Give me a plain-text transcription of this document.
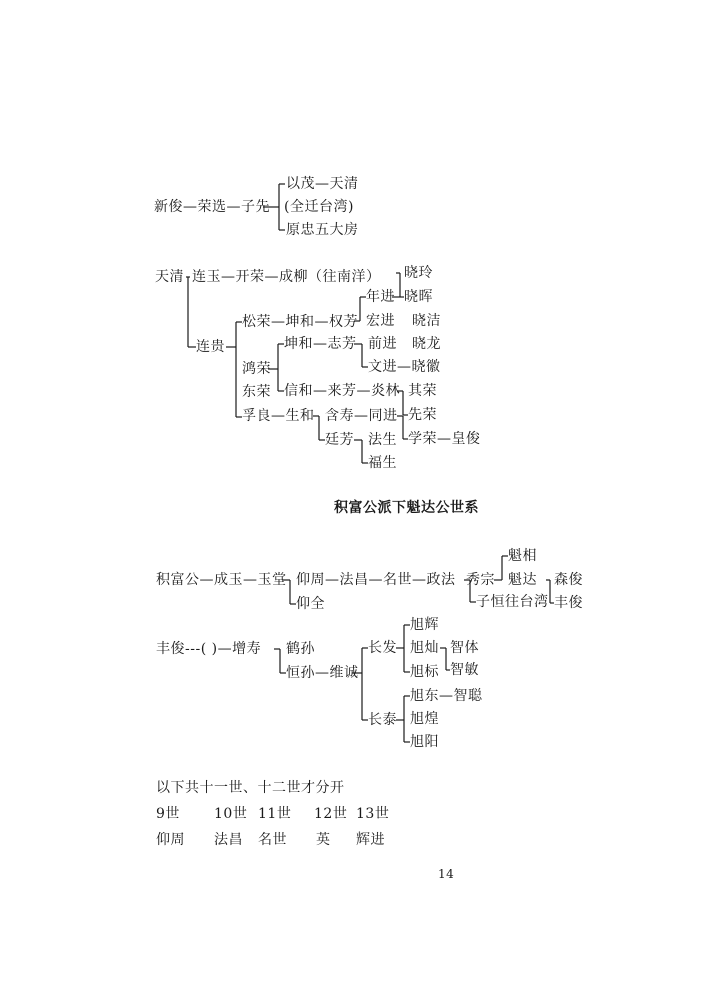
新俊—荣选—子先
以茂—天清
(全迁台湾)
原忠五大房
天清 连玉—开荣—成柳（往南洋） 晓玲
晓晖
连贵
松荣—坤和—权芳
年进
宏进 晓洁
鸿荣
坤和—志芳 前进 晓龙
文进—晓徽
东荣 信和—来芳—炎林 其荣
先荣
孚良—生和 含寿—同进
廷芳 法生
福生
学荣—皇俊
积富公派下魁达公世系
积富公—成玉—玉堂 仰周—法昌—名世—政法 秀宗
魁相
魁达 森俊
丰俊
子恒往台湾
仰全
丰俊---( )—增寿 鹤孙
恒孙—维诚
长发
旭辉
旭灿
旭标
智体
智敏
长泰
旭东—智聪
旭煌
旭阳
以下共十一世、十二世才分开
9世 10世 11世 12世 13世
仰周 法昌 名世 英 辉进
14
